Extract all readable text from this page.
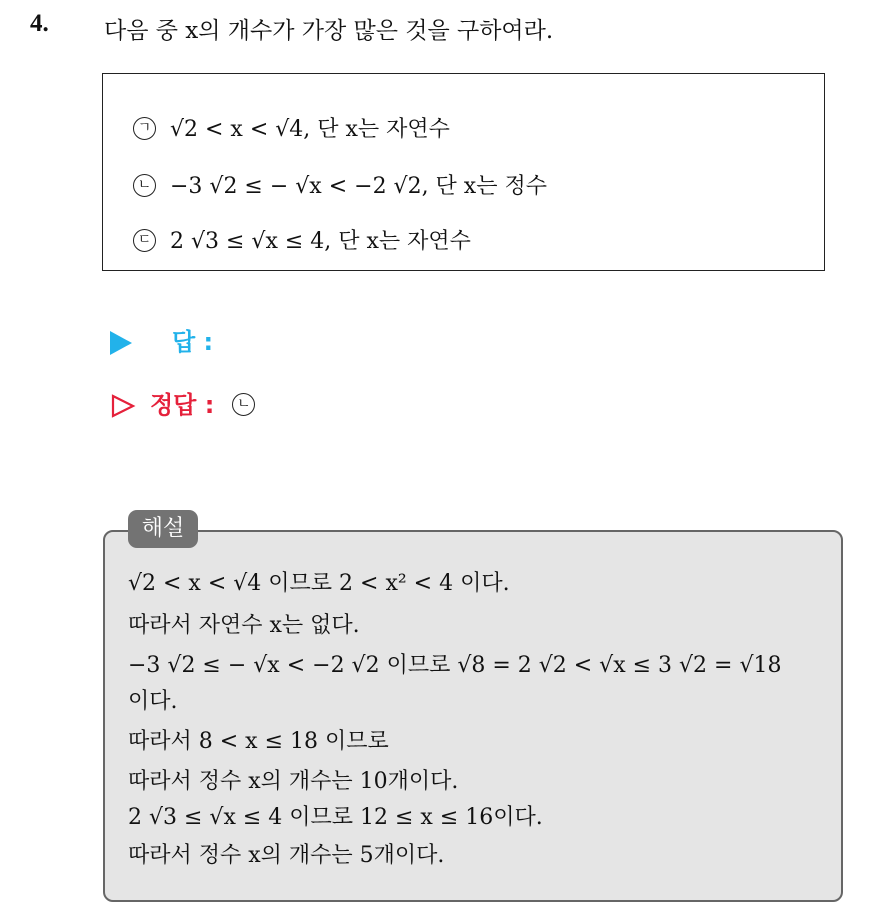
4. 다음 중 x의 개수가 가장 많은 것을 구하여라.
ㄱ √2 < x < √4, 단 x는 자연수
ㄴ −3 √2 ≤ − √x < −2 √2, 단 x는 정수
ㄷ 2 √3 ≤ √x ≤ 4, 단 x는 자연수
답 :
정답 : ㄴ
√2 < x < √4 이므로 2 < x² < 4 이다.
따라서 자연수 x는 없다.
−3 √2 ≤ − √x < −2 √2 이므로 √8 = 2 √2 < √x ≤ 3 √2 = √18
이다.
따라서 8 < x ≤ 18 이므로
따라서 정수 x의 개수는 10개이다.
2 √3 ≤ √x ≤ 4 이므로 12 ≤ x ≤ 16이다.
따라서 정수 x의 개수는 5개이다.
해설
